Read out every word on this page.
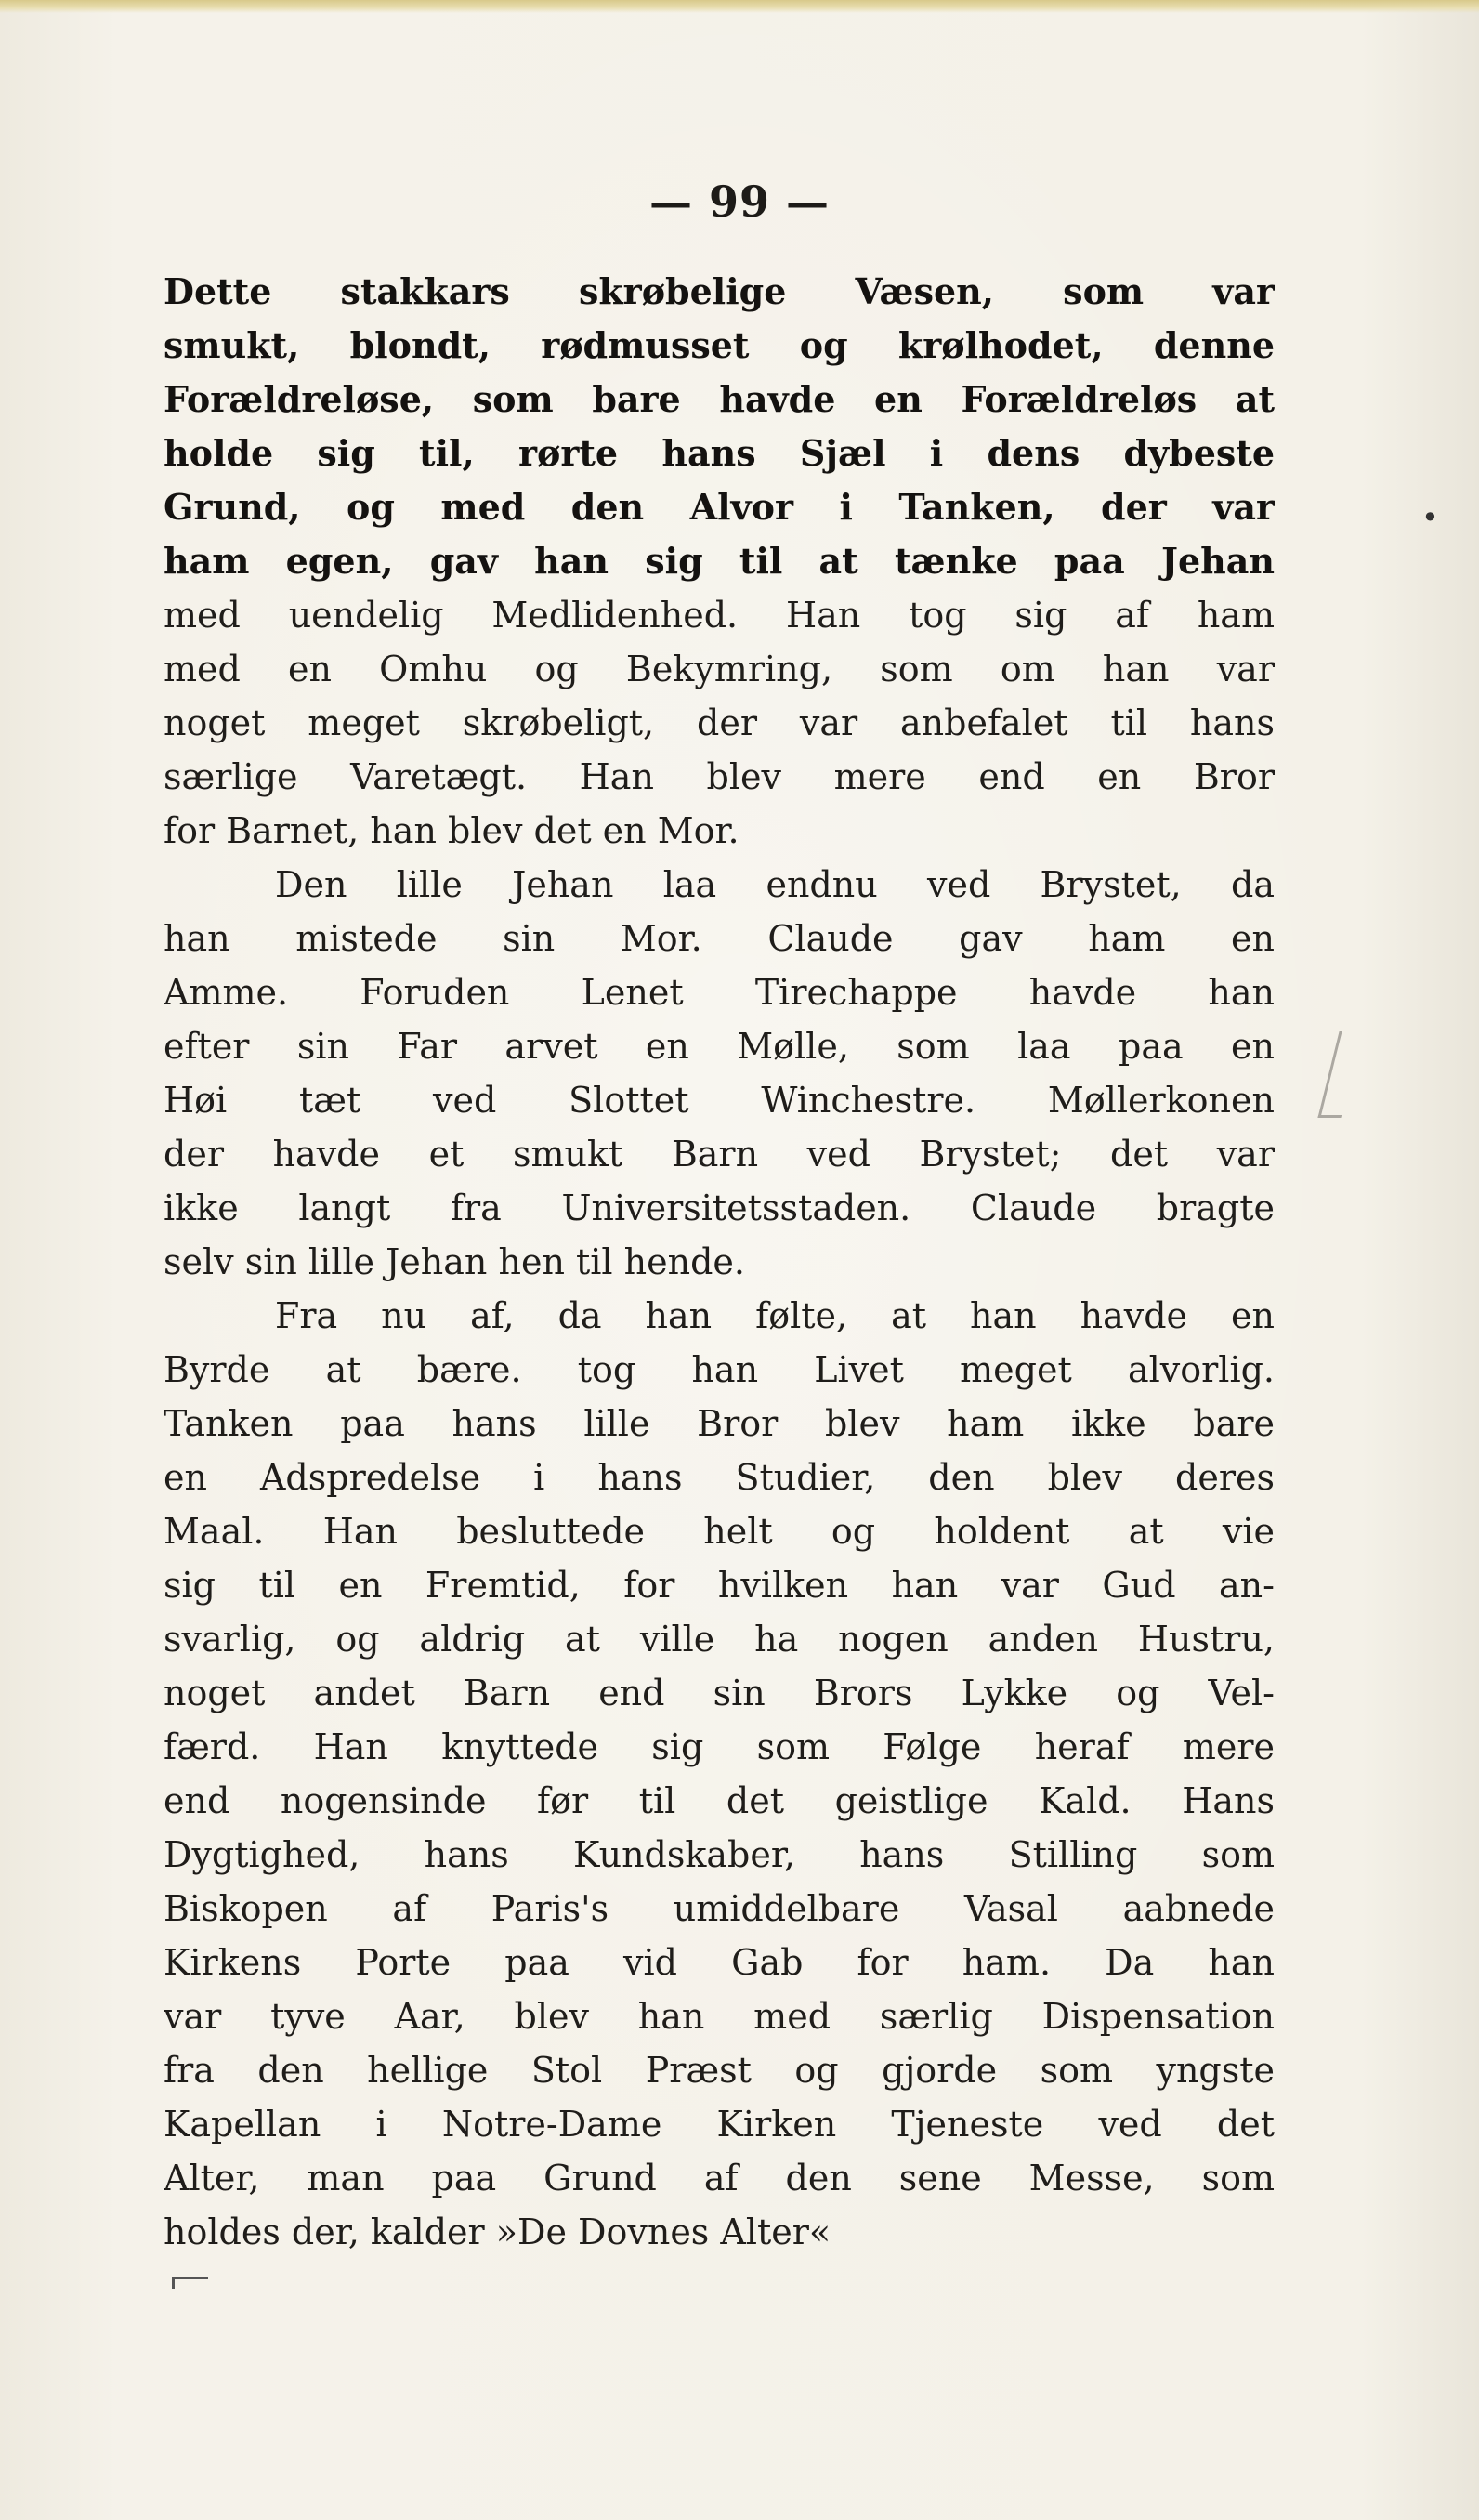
— 99 —
Dette stakkars skrøbelige Væsen, som var
smukt, blondt, rødmusset og krølhodet, denne
Forældreløse, som bare havde en Forældreløs at
holde sig til, rørte hans Sjæl i dens dybeste
Grund, og med den Alvor i Tanken, der var
ham egen, gav han sig til at tænke paa Jehan
med uendelig Medlidenhed. Han tog sig af ham
med en Omhu og Bekymring, som om han var
noget meget skrøbeligt, der var anbefalet til hans
særlige Varetægt. Han blev mere end en Bror
for Barnet, han blev det en Mor.
Den lille Jehan laa endnu ved Brystet, da
han mistede sin Mor. Claude gav ham en
Amme. Foruden Lenet Tirechappe havde han
efter sin Far arvet en Mølle, som laa paa en
Høi tæt ved Slottet Winchestre. Møllerkonen
der havde et smukt Barn ved Brystet; det var
ikke langt fra Universitetsstaden. Claude bragte
selv sin lille Jehan hen til hende.
Fra nu af, da han følte, at han havde en
Byrde at bære. tog han Livet meget alvorlig.
Tanken paa hans lille Bror blev ham ikke bare
en Adspredelse i hans Studier, den blev deres
Maal. Han besluttede helt og holdent at vie
sig til en Fremtid, for hvilken han var Gud an-
svarlig, og aldrig at ville ha nogen anden Hustru,
noget andet Barn end sin Brors Lykke og Vel-
færd. Han knyttede sig som Følge heraf mere
end nogensinde før til det geistlige Kald. Hans
Dygtighed, hans Kundskaber, hans Stilling som
Biskopen af Paris's umiddelbare Vasal aabnede
Kirkens Porte paa vid Gab for ham. Da han
var tyve Aar, blev han med særlig Dispensation
fra den hellige Stol Præst og gjorde som yngste
Kapellan i Notre-Dame Kirken Tjeneste ved det
Alter, man paa Grund af den sene Messe, som
holdes der, kalder »De Dovnes Alter«
•
